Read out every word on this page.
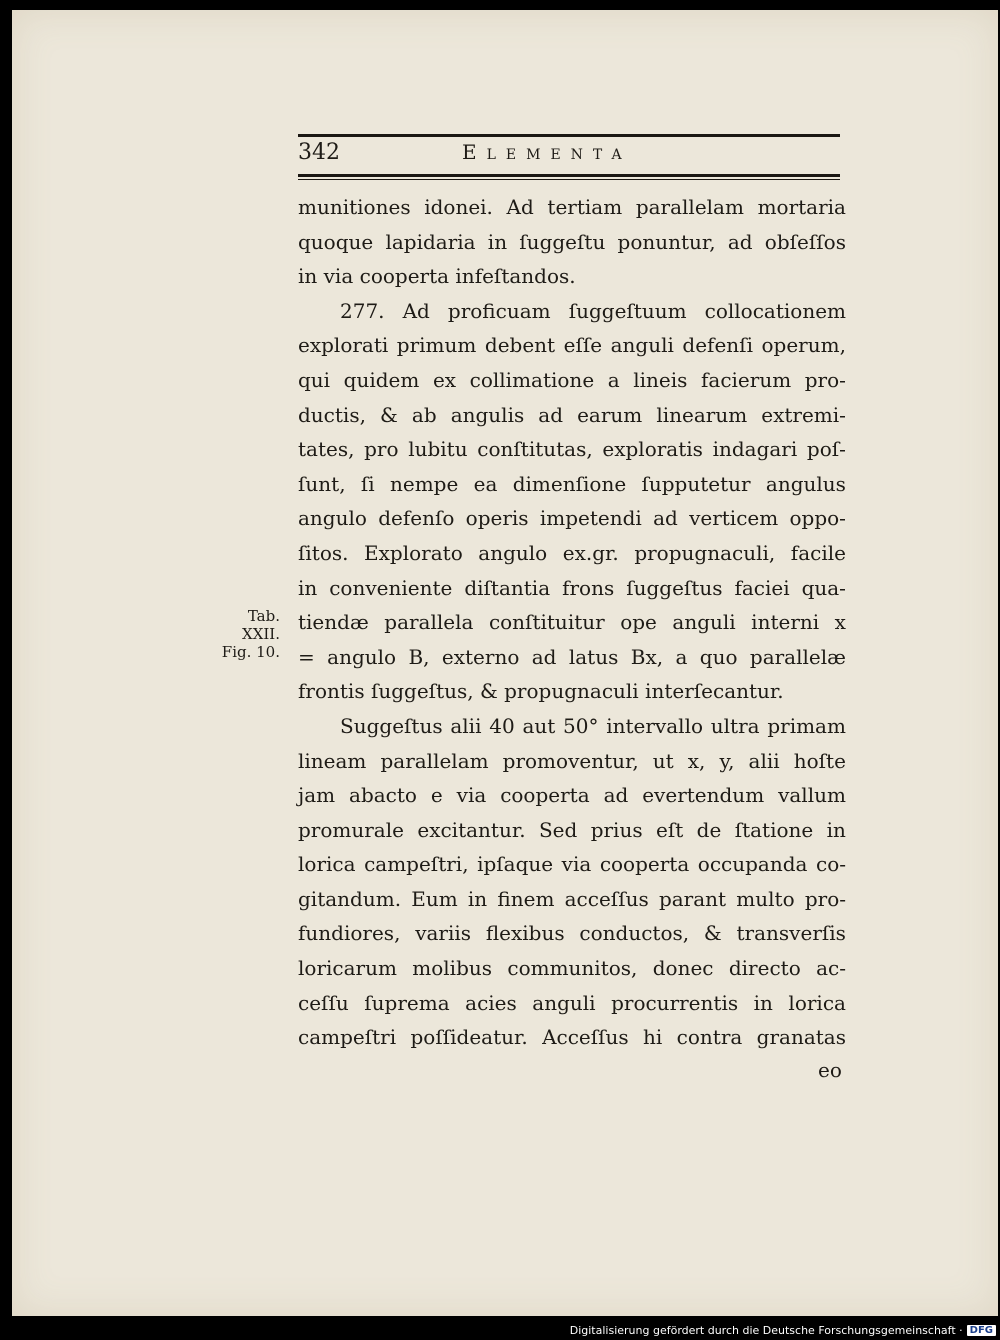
342	Elementa
munitiones idonei. Ad tertiam parallelam mortaria
quoque lapidaria in ſuggeſtu ponuntur, ad obſeſſos
in via cooperta infeſtandos.
277. Ad proficuam ſuggeſtuum collocationem
explorati primum debent eſſe anguli defenſi operum,
qui quidem ex collimatione a lineis facierum pro-
ductis, & ab angulis ad earum linearum extremi-
tates, pro lubitu conſtitutas, exploratis indagari poſ-
ſunt, ſi nempe ea dimenſione ſupputetur angulus
angulo defenſo operis impetendi ad verticem oppo-
ſitos. Explorato angulo ex.gr. propugnaculi, facile
in conveniente diſtantia frons ſuggeſtus faciei qua-
tiendæ parallela conſtituitur ope anguli interni x
= angulo B, externo ad latus Bx, a quo parallelæ
frontis ſuggeſtus, & propugnaculi interſecantur.
Suggeſtus alii 40 aut 50° intervallo ultra primam
lineam parallelam promoventur, ut x, y, alii hoſte
jam abacto e via cooperta ad evertendum vallum
promurale excitantur. Sed prius eſt de ſtatione in
lorica campeſtri, ipſaque via cooperta occupanda co-
gitandum. Eum in finem acceſſus parant multo pro-
fundiores, variis flexibus conductos, & transverſis
loricarum molibus communitos, donec directo ac-
ceſſu ſuprema acies anguli procurrentis in lorica
campeſtri poſſideatur. Acceſſus hi contra granatas
Tab.
XXII.
Fig. 10.
eo
Digitalisierung gefördert durch die Deutsche Forschungsgemeinschaft · DFG
